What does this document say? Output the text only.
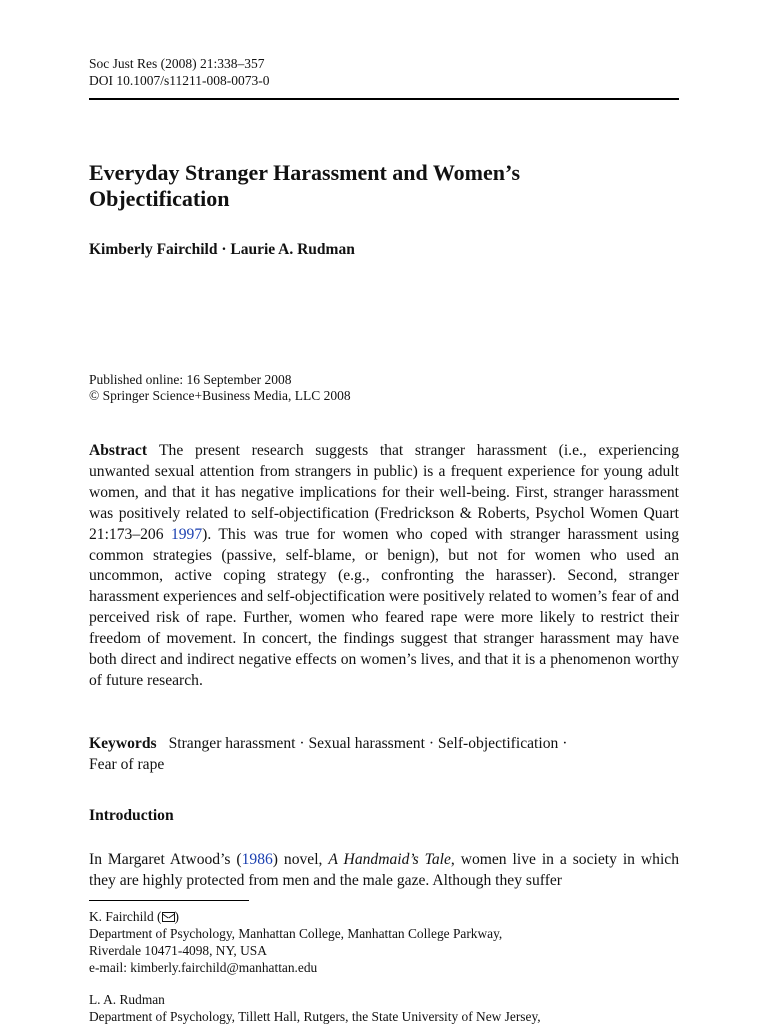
Soc Just Res (2008) 21:338–357
DOI 10.1007/s11211-008-0073-0
Everyday Stranger Harassment and Women’s
Objectification
Kimberly Fairchild · Laurie A. Rudman
Published online: 16 September 2008
© Springer Science+Business Media, LLC 2008

Abstract The present research suggests that stranger harassment (i.e., experiencing unwanted sexual attention from strangers in public) is a frequent experience for young adult women, and that it has negative implications for their well-being. First, stranger harassment was positively related to self-objectification (Fredrickson & Roberts, Psychol Women Quart 21:173–206 1997). This was true for women who coped with stranger harassment using common strategies (passive, self-blame, or benign), but not for women who used an uncommon, active coping strategy (e.g., confronting the harasser). Second, stranger harassment experiences and self-objectification were positively related to women’s fear of and perceived risk of rape. Further, women who feared rape were more likely to restrict their freedom of movement. In concert, the findings suggest that stranger harassment may have both direct and indirect negative effects on women’s lives, and that it is a phenomenon worthy of future research.

Keywords Stranger harassment · Sexual harassment · Self-objectification ·
Fear of rape
Introduction

In Margaret Atwood’s (1986) novel, A Handmaid’s Tale, women live in a society in which they are highly protected from men and the male gaze. Although they suffer

K. Fairchild ( )
Department of Psychology, Manhattan College, Manhattan College Parkway,
Riverdale 10471-4098, NY, USA
e-mail: kimberly.fairchild@manhattan.edu
L. A. Rudman
Department of Psychology, Tillett Hall, Rutgers, the State University of New Jersey,
